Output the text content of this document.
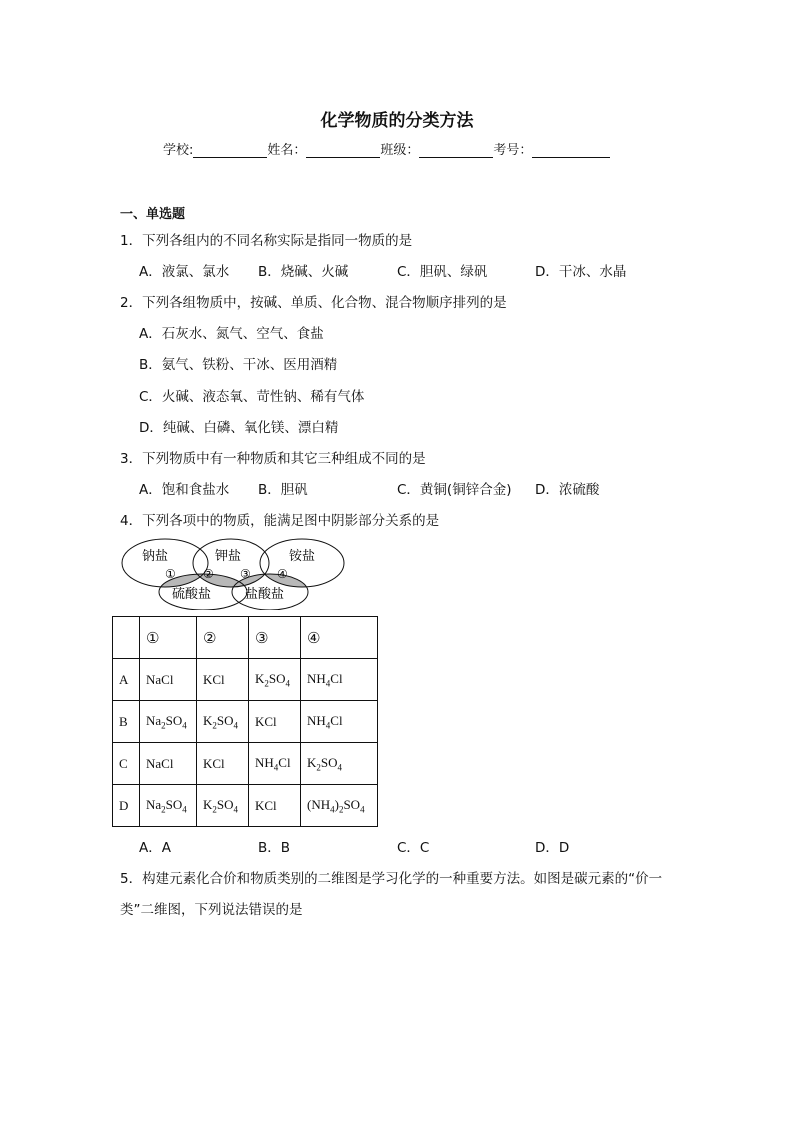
化学物质的分类方法
学校:	姓名：	班级：	考号：
一、单选题
1．下列各组内的不同名称实际是指同一物质的是
A．液氯、氯水 B．烧碱、火碱	C．胆矾、绿矾	D．干冰、水晶
2．下列各组物质中，按碱、单质、化合物、混合物顺序排列的是
A．石灰水、氮气、空气、食盐
B．氨气、铁粉、干冰、医用酒精
C．火碱、液态氧、苛性钠、稀有气体
D．纯碱、白磷、氧化镁、漂白精
3．下列物质中有一种物质和其它三种组成不同的是
A．饱和食盐水 B．胆矾	C．黄铜(铜锌合金) D．浓硫酸
4．下列各项中的物质，能满足图中阴影部分关系的是
钠盐	钾盐	铵盐
硫酸盐	盐酸盐
① ② ③ ④
	①	②	③	④
A	NaCl	KCl	$K_2SO_4$	$NH_4Cl$
B	$Na_2SO_4$	$K_2SO_4$	KCl	$NH_4Cl$
C	NaCl	KCl	$NH_4Cl$	$K_2SO_4$
D	$Na_2SO_4$	$K_2SO_4$	KCl	$(NH_4)_2SO_4$
A．A	B．B	C．C	D．D
5．构建元素化合价和物质类别的二维图是学习化学的一种重要方法。如图是碳元素的“价一
类”二维图，下列说法错误的是
